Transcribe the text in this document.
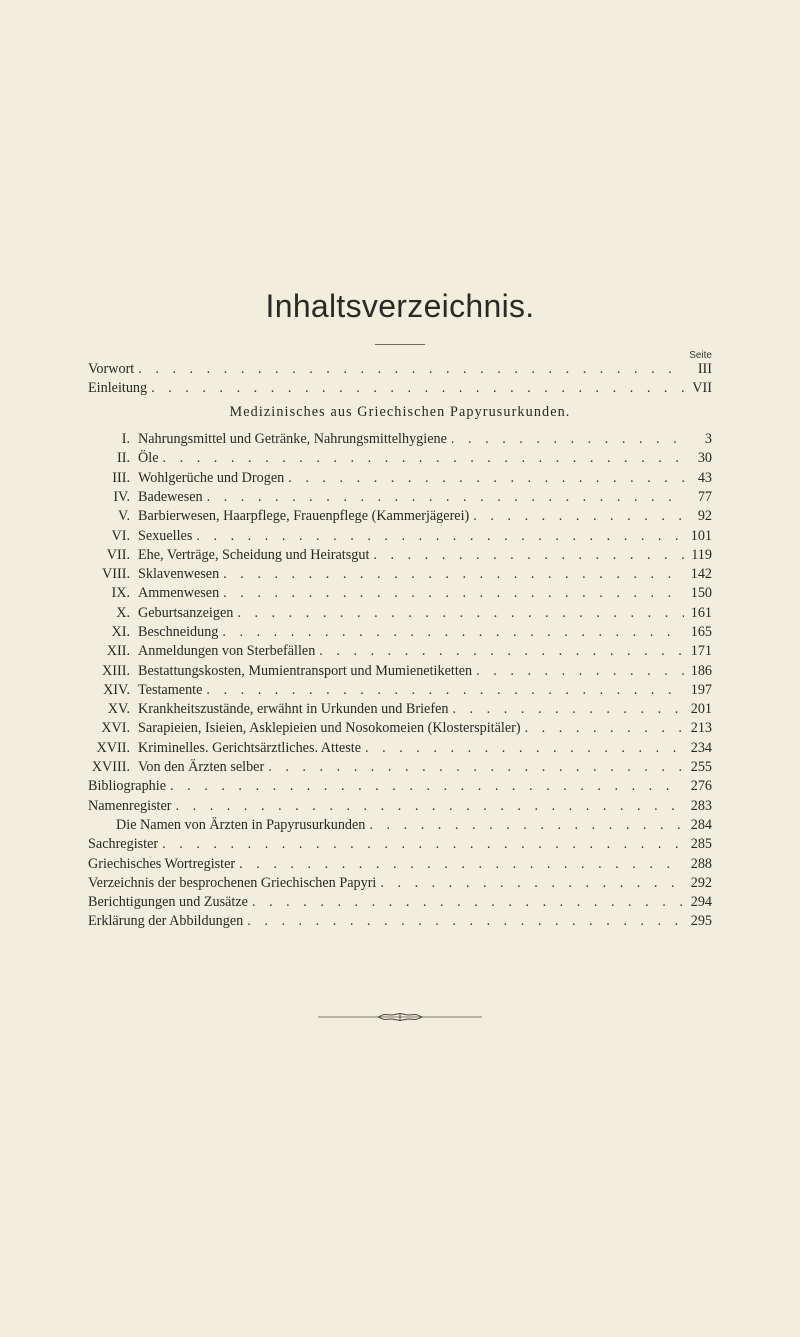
Inhaltsverzeichnis.
Seite
Vorwort . . .	III
Einleitung . . .	VII
I. Nahrungsmittel und Getränke, Nahrungsmittelhygiene . . .	3
II. Öle . . .	30
III. Wohlgerüche und Drogen . . .	43
IV. Badewesen . . .	77
V. Barbierwesen, Haarpflege, Frauenpflege (Kammerjägerei) . . .	92
VI. Sexuelles . . .	101
VII. Ehe, Verträge, Scheidung und Heiratsgut . . .	119
VIII. Sklavenwesen . . .	142
IX. Ammenwesen . . .	150
X. Geburtsanzeigen . . .	161
XI. Beschneidung . . .	165
XII. Anmeldungen von Sterbefällen . . .	171
XIII. Bestattungskosten, Mumientransport und Mumienetiketten . . .	186
XIV. Testamente . . .	197
XV. Krankheitszustände, erwähnt in Urkunden und Briefen . . .	201
XVI. Sarapieien, Isieien, Asklepieien und Nosokomeien (Klosterspitäler) . . .	213
XVII. Kriminelles. Gerichtsärztliches. Atteste . . .	234
XVIII. Von den Ärzten selber . . .	255
Bibliographie . . .	276
Namenregister . . .	283
Die Namen von Ärzten in Papyrusurkunden . . .	284
Sachregister . . .	285
Griechisches Wortregister . . .	288
Verzeichnis der besprochenen Griechischen Papyri . . .	292
Berichtigungen und Zusätze . . .	294
Erklärung der Abbildungen . . .	295
Medizinisches aus Griechischen Papyrusurkunden.
